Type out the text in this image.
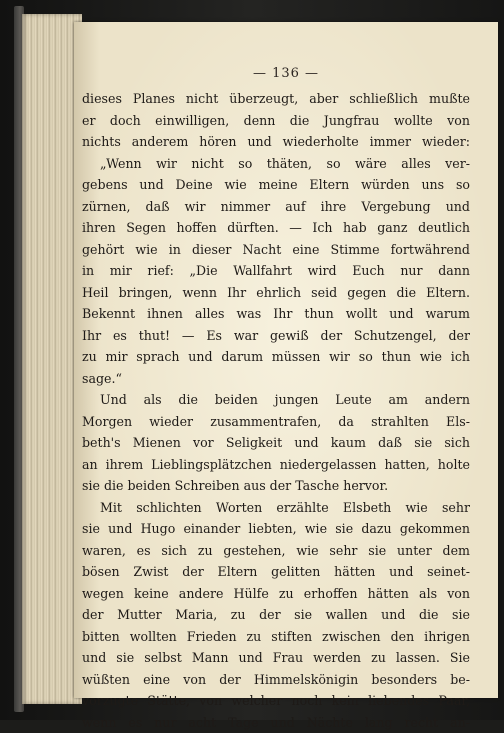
— 136 —
dieses Planes nicht überzeugt, aber schließlich mußte
er doch einwilligen, denn die Jungfrau wollte von
nichts anderem hören und wiederholte immer wieder:
„Wenn wir nicht so thäten, so wäre alles ver-
gebens und Deine wie meine Eltern würden uns so
zürnen, daß wir nimmer auf ihre Vergebung und
ihren Segen hoffen dürften. — Ich hab ganz deutlich
gehört wie in dieser Nacht eine Stimme fortwährend
in mir rief: „Die Wallfahrt wird Euch nur dann
Heil bringen, wenn Ihr ehrlich seid gegen die Eltern.
Bekennt ihnen alles was Ihr thun wollt und warum
Ihr es thut! — Es war gewiß der Schutzengel, der
zu mir sprach und darum müssen wir so thun wie ich
sage.“
Und als die beiden jungen Leute am andern
Morgen wieder zusammentrafen, da strahlten Els-
beth's Mienen vor Seligkeit und kaum daß sie sich
an ihrem Lieblingsplätzchen niedergelassen hatten, holte
sie die beiden Schreiben aus der Tasche hervor.
Mit schlichten Worten erzählte Elsbeth wie sehr
sie und Hugo einander liebten, wie sie dazu gekommen
waren, es sich zu gestehen, wie sehr sie unter dem
bösen Zwist der Eltern gelitten hätten und seinet-
wegen keine andere Hülfe zu erhoffen hätten als von
der Mutter Maria, zu der sie wallen und die sie
bitten wollten Frieden zu stiften zwischen den ihrigen
und sie selbst Mann und Frau werden zu lassen. Sie
wüßten eine von der Himmelskönigin besonders be-
vorzugte Stätte, von welcher noch kein liebendes Paar,
wenn es nur acht Tage und Nächte lang recht an-
